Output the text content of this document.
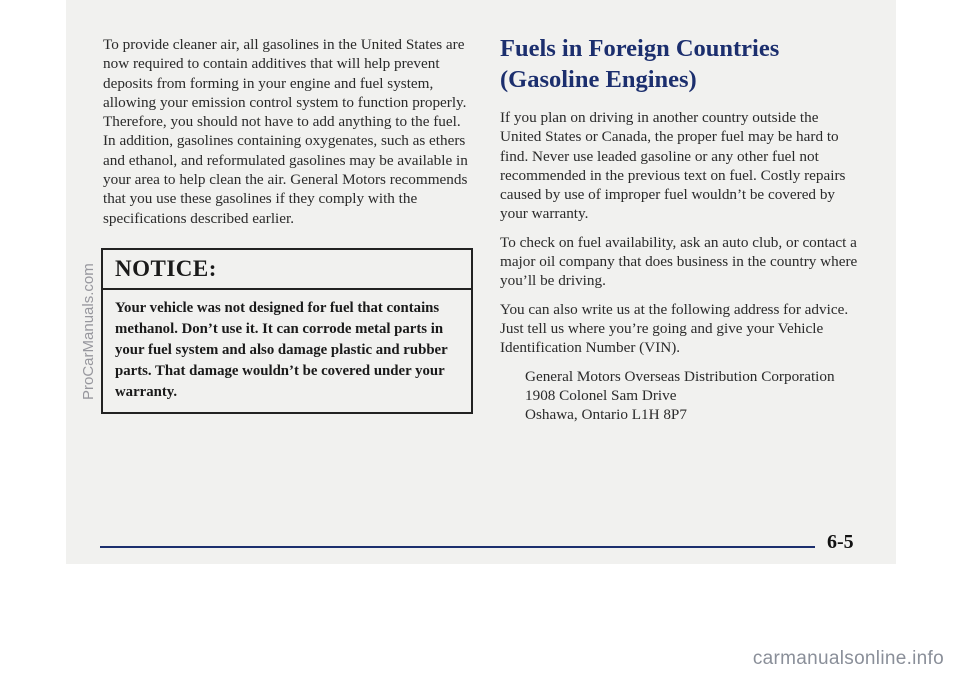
To provide cleaner air, all gasolines in the United States are now required to contain additives that will help prevent deposits from forming in your engine and fuel system, allowing your emission control system to function properly. Therefore, you should not have to add anything to the fuel. In addition, gasolines containing oxygenates, such as ethers and ethanol, and reformulated gasolines may be available in your area to help clean the air. General Motors recommends that you use these gasolines if they comply with the specifications described earlier.

NOTICE:
Your vehicle was not designed for fuel that contains methanol. Don’t use it. It can corrode metal parts in your fuel system and also damage plastic and rubber parts. That damage wouldn’t be covered under your warranty.
Fuels in Foreign Countries (Gasoline Engines)

If you plan on driving in another country outside the United States or Canada, the proper fuel may be hard to find. Never use leaded gasoline or any other fuel not recommended in the previous text on fuel. Costly repairs caused by use of improper fuel wouldn’t be covered by your warranty.

To check on fuel availability, ask an auto club, or contact a major oil company that does business in the country where you’ll be driving.

You can also write us at the following address for advice. Just tell us where you’re going and give your Vehicle Identification Number (VIN).

General Motors Overseas Distribution Corporation
1908 Colonel Sam Drive
Oshawa, Ontario L1H 8P7
6-5
ProCarManuals.com
carmanualsonline.info
